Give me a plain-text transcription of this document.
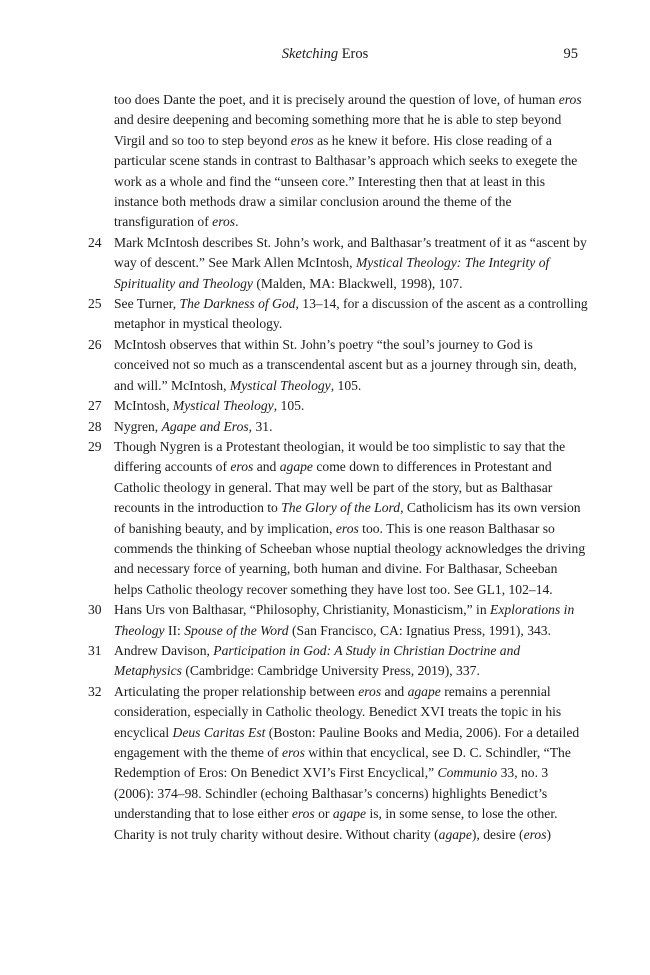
Sketching Eros	95
too does Dante the poet, and it is precisely around the question of love, of human eros and desire deepening and becoming something more that he is able to step beyond Virgil and so too to step beyond eros as he knew it before. His close reading of a particular scene stands in contrast to Balthasar’s approach which seeks to exegete the work as a whole and find the “unseen core.” Interesting then that at least in this instance both methods draw a similar conclusion around the theme of the transfiguration of eros.
24 Mark McIntosh describes St. John’s work, and Balthasar’s treatment of it as “ascent by way of descent.” See Mark Allen McIntosh, Mystical Theology: The Integrity of Spirituality and Theology (Malden, MA: Blackwell, 1998), 107.
25 See Turner, The Darkness of God, 13–14, for a discussion of the ascent as a controlling metaphor in mystical theology.
26 McIntosh observes that within St. John’s poetry “the soul’s journey to God is conceived not so much as a transcendental ascent but as a journey through sin, death, and will.” McIntosh, Mystical Theology, 105.
27 McIntosh, Mystical Theology, 105.
28 Nygren, Agape and Eros, 31.
29 Though Nygren is a Protestant theologian, it would be too simplistic to say that the differing accounts of eros and agape come down to differences in Protestant and Catholic theology in general. That may well be part of the story, but as Balthasar recounts in the introduction to The Glory of the Lord, Catholicism has its own version of banishing beauty, and by implication, eros too. This is one reason Balthasar so commends the thinking of Scheeban whose nuptial theology acknowledges the driving and necessary force of yearning, both human and divine. For Balthasar, Scheeban helps Catholic theology recover something they have lost too. See GL1, 102–14.
30 Hans Urs von Balthasar, “Philosophy, Christianity, Monasticism,” in Explorations in Theology II: Spouse of the Word (San Francisco, CA: Ignatius Press, 1991), 343.
31 Andrew Davison, Participation in God: A Study in Christian Doctrine and Metaphysics (Cambridge: Cambridge University Press, 2019), 337.
32 Articulating the proper relationship between eros and agape remains a perennial consideration, especially in Catholic theology. Benedict XVI treats the topic in his encyclical Deus Caritas Est (Boston: Pauline Books and Media, 2006). For a detailed engagement with the theme of eros within that encyclical, see D. C. Schindler, “The Redemption of Eros: On Benedict XVI’s First Encyclical,” Communio 33, no. 3 (2006): 374–98. Schindler (echoing Balthasar’s concerns) highlights Benedict’s understanding that to lose either eros or agape is, in some sense, to lose the other. Charity is not truly charity without desire. Without charity (agape), desire (eros)
